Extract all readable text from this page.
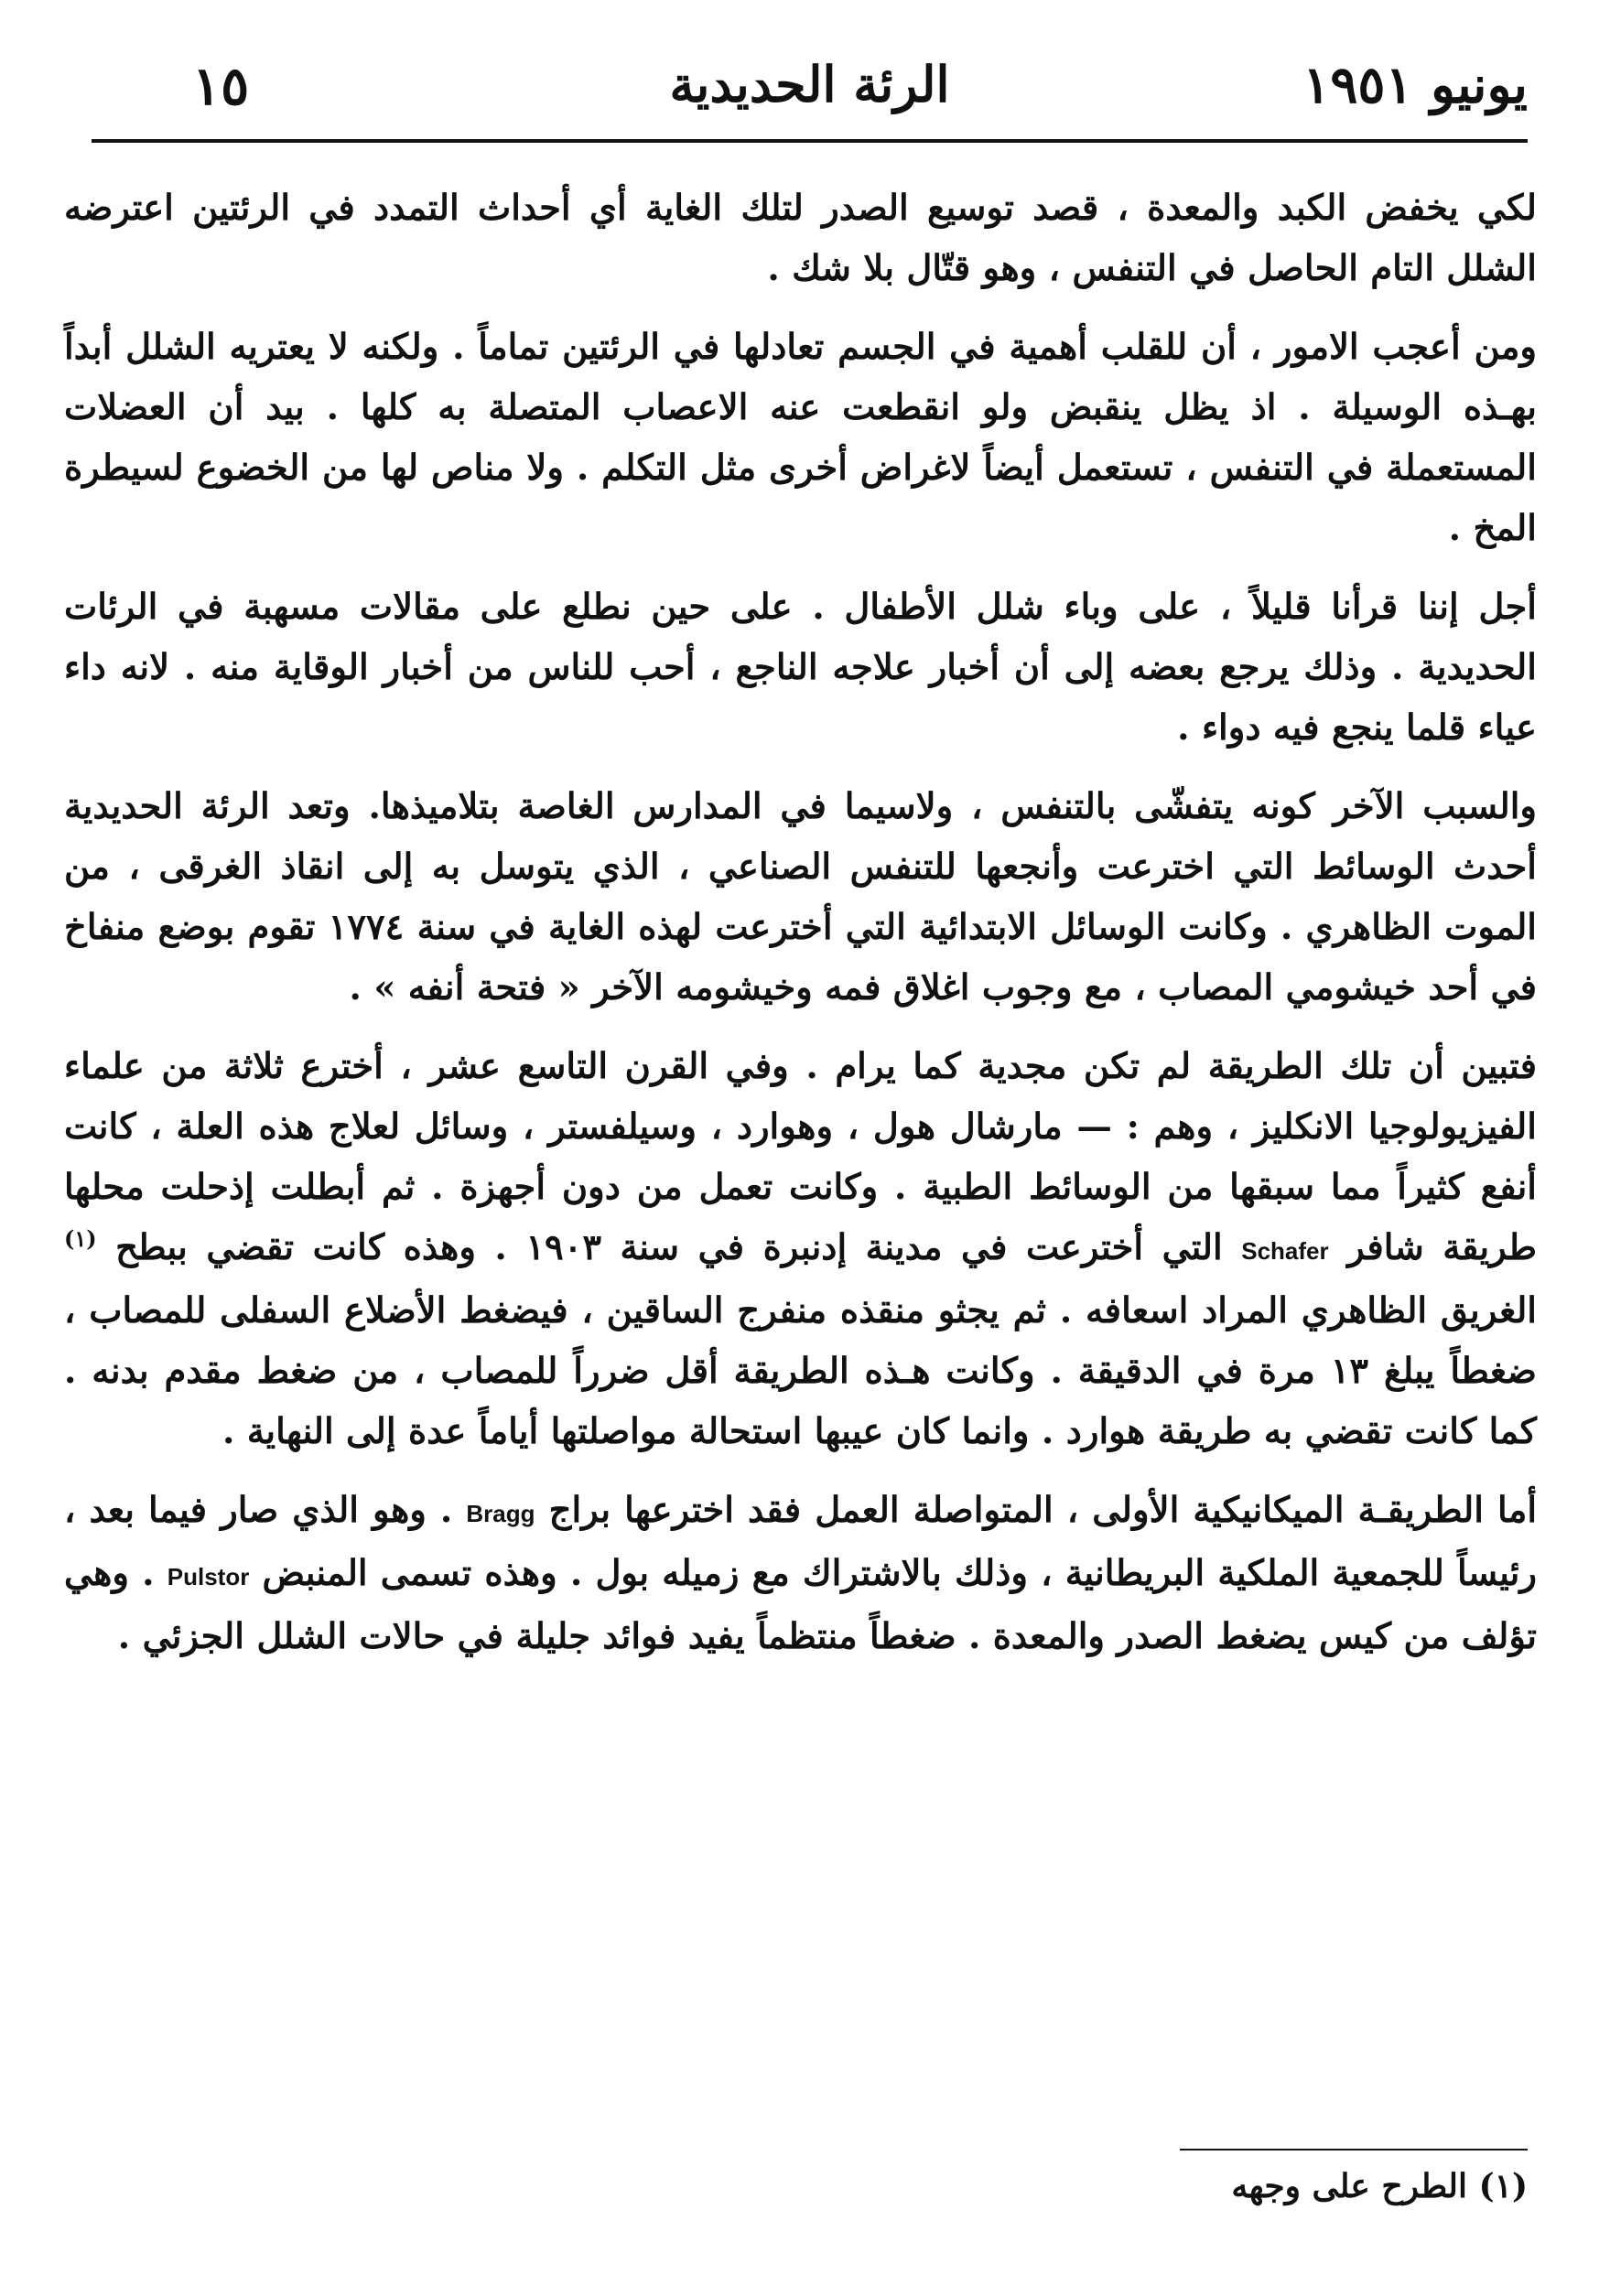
يونيو ١٩٥١
الرئة الحديدية
١٥

لكي يخفض الكبد والمعدة ، قصد توسيع الصدر لتلك الغاية أي أحداث التمدد في الرئتين اعترضه الشلل التام الحاصل في التنفس ، وهو قتّال بلا شك .

ومن أعجب الامور ، أن للقلب أهمية في الجسم تعادلها في الرئتين تماماً . ولكنه لا يعتريه الشلل أبداً بهـذه الوسيلة . اذ يظل ينقبض ولو انقطعت عنه الاعصاب المتصلة به كلها . بيد أن العضلات المستعملة في التنفس ، تستعمل أيضاً لاغراض أخرى مثل التكلم . ولا مناص لها من الخضوع لسيطرة المخ .

أجل إننا قرأنا قليلاً ، على وباء شلل الأطفال . على حين نطلع على مقالات مسهبة في الرئات الحديدية . وذلك يرجع بعضه إلى أن أخبار علاجه الناجع ، أحب للناس من أخبار الوقاية منه . لانه داء عياء قلما ينجع فيه دواء .

والسبب الآخر كونه يتفشّى بالتنفس ، ولاسيما في المدارس الغاصة بتلاميذها. وتعد الرئة الحديدية أحدث الوسائط التي اخترعت وأنجعها للتنفس الصناعي ، الذي يتوسل به إلى انقاذ الغرقى ، من الموت الظاهري . وكانت الوسائل الابتدائية التي أخترعت لهذه الغاية في سنة ١٧٧٤ تقوم بوضع منفاخ في أحد خيشومي المصاب ، مع وجوب اغلاق فمه وخيشومه الآخر « فتحة أنفه » .

فتبين أن تلك الطريقة لم تكن مجدية كما يرام . وفي القرن التاسع عشر ، أخترع ثلاثة من علماء الفيزيولوجيا الانكليز ، وهم : — مارشال هول ، وهوارد ، وسيلفستر ، وسائل لعلاج هذه العلة ، كانت أنفع كثيراً مما سبقها من الوسائط الطبية . وكانت تعمل من دون أجهزة . ثم أبطلت إذحلت محلها طريقة شافر Schafer التي أخترعت في مدينة إدنبرة في سنة ١٩٠٣ . وهذه كانت تقضي ببطح $^{(١)}$ الغريق الظاهري المراد اسعافه . ثم يجثو منقذه منفرج الساقين ، فيضغط الأضلاع السفلى للمصاب ، ضغطاً يبلغ ١٣ مرة في الدقيقة . وكانت هـذه الطريقة أقل ضرراً للمصاب ، من ضغط مقدم بدنه . كما كانت تقضي به طريقة هوارد . وانما كان عيبها استحالة مواصلتها أياماً عدة إلى النهاية .

أما الطريقـة الميكانيكية الأولى ، المتواصلة العمل فقد اخترعها براج Bragg . وهو الذي صار فيما بعد ، رئيساً للجمعية الملكية البريطانية ، وذلك بالاشتراك مع زميله بول . وهذه تسمى المنبض Pulstor . وهي تؤلف من كيس يضغط الصدر والمعدة . ضغطاً منتظماً يفيد فوائد جليلة في حالات الشلل الجزئي .

(١) الطرح على وجهه
